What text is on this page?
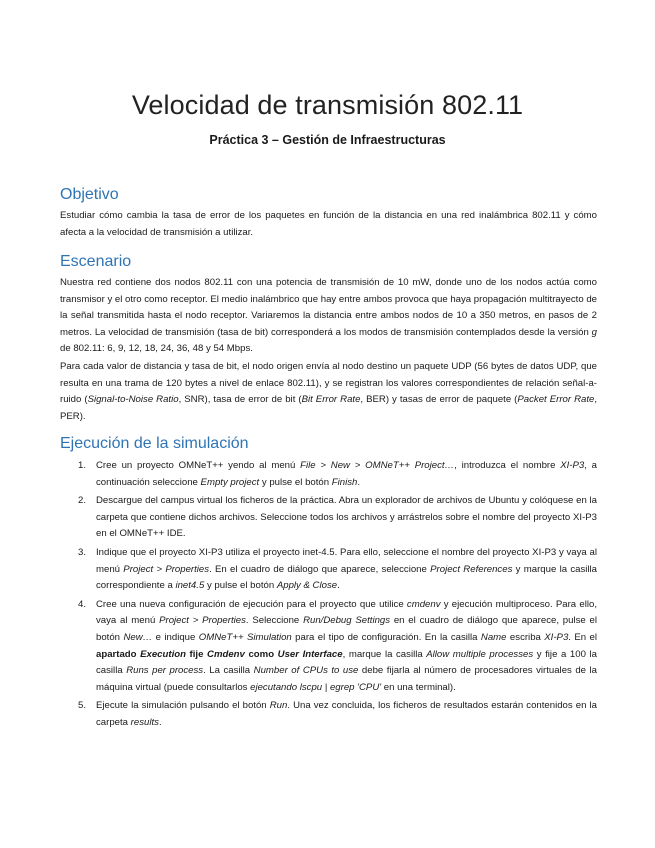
Velocidad de transmisión 802.11
Práctica 3 – Gestión de Infraestructuras
Objetivo

Estudiar cómo cambia la tasa de error de los paquetes en función de la distancia en una red inalámbrica 802.11 y cómo afecta a la velocidad de transmisión a utilizar.

Escenario

Nuestra red contiene dos nodos 802.11 con una potencia de transmisión de 10 mW, donde uno de los nodos actúa como transmisor y el otro como receptor. El medio inalámbrico que hay entre ambos provoca que haya propagación multitrayecto de la señal transmitida hasta el nodo receptor. Variaremos la distancia entre ambos nodos de 10 a 350 metros, en pasos de 2 metros. La velocidad de transmisión (tasa de bit) corresponderá a los modos de transmisión contemplados desde la versión g de 802.11: 6, 9, 12, 18, 24, 36, 48 y 54 Mbps.

Para cada valor de distancia y tasa de bit, el nodo origen envía al nodo destino un paquete UDP (56 bytes de datos UDP, que resulta en una trama de 120 bytes a nivel de enlace 802.11), y se registran los valores correspondientes de relación señal-a-ruido (Signal-to-Noise Ratio, SNR), tasa de error de bit (Bit Error Rate, BER) y tasas de error de paquete (Packet Error Rate, PER).

Ejecución de la simulación
1. Cree un proyecto OMNeT++ yendo al menú File > New > OMNeT++ Project…, introduzca el nombre XI-P3, a continuación seleccione Empty project y pulse el botón Finish.
2. Descargue del campus virtual los ficheros de la práctica. Abra un explorador de archivos de Ubuntu y colóquese en la carpeta que contiene dichos archivos. Seleccione todos los archivos y arrástrelos sobre el nombre del proyecto XI-P3 en el OMNeT++ IDE.
3. Indique que el proyecto XI-P3 utiliza el proyecto inet-4.5. Para ello, seleccione el nombre del proyecto XI-P3 y vaya al menú Project > Properties. En el cuadro de diálogo que aparece, seleccione Project References y marque la casilla correspondiente a inet4.5 y pulse el botón Apply & Close.
4. Cree una nueva configuración de ejecución para el proyecto que utilice cmdenv y ejecución multiproceso. Para ello, vaya al menú Project > Properties. Seleccione Run/Debug Settings en el cuadro de diálogo que aparece, pulse el botón New… e indique OMNeT++ Simulation para el tipo de configuración. En la casilla Name escriba XI-P3. En el apartado Execution fije Cmdenv como User Interface, marque la casilla Allow multiple processes y fije a 100 la casilla Runs per process. La casilla Number of CPUs to use debe fijarla al número de procesadores virtuales de la máquina virtual (puede consultarlos ejecutando lscpu | egrep 'CPU' en una terminal).
5. Ejecute la simulación pulsando el botón Run. Una vez concluida, los ficheros de resultados estarán contenidos en la carpeta results.
